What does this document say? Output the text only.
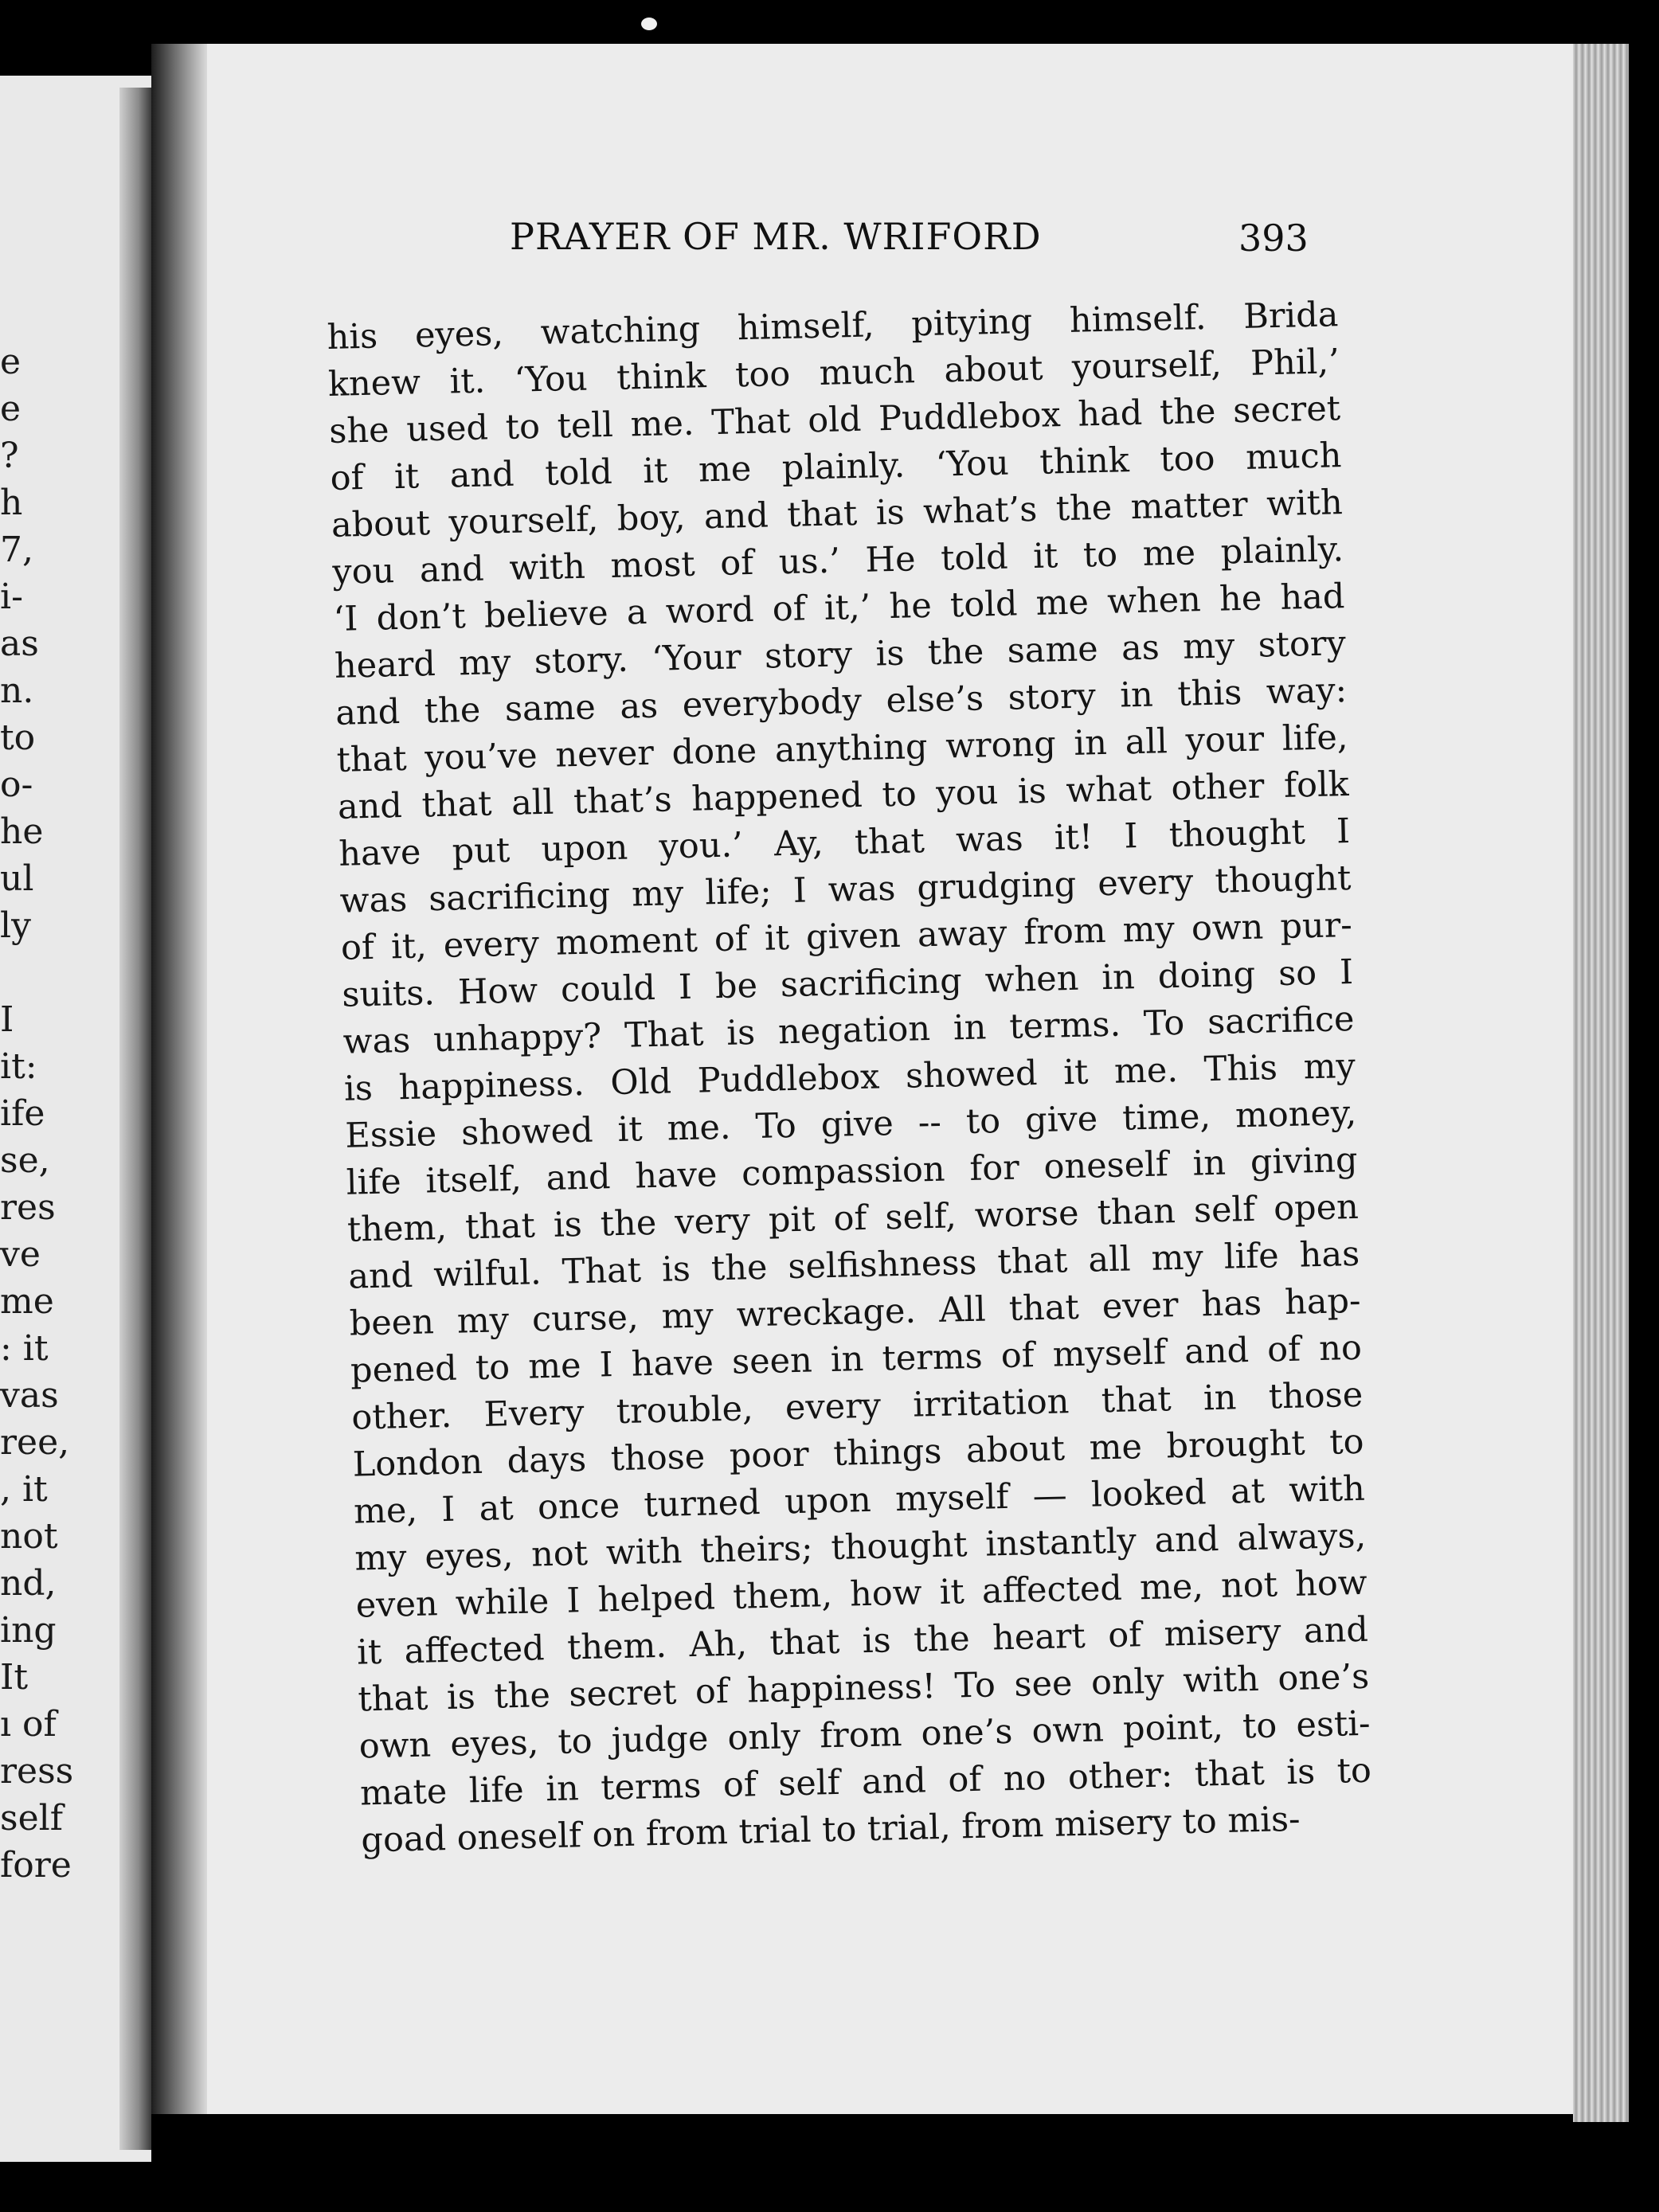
e
e
?
h
7,
i-
as
n.
to
o-
he
ul
ly
I
it:
ife
se,
res
ve
me
: it
vas
ree,
, it
not
nd,
ing
It
ı of
ress
self
fore
PRAYER OF MR. WRIFORD	393
his eyes, watching himself, pitying himself. Brida
knew it. ‘You think too much about yourself, Phil,’
she used to tell me. That old Puddlebox had the secret
of it and told it me plainly. ‘You think too much
about yourself, boy, and that is what’s the matter with
you and with most of us.’ He told it to me plainly.
‘I don’t believe a word of it,’ he told me when he had
heard my story. ‘Your story is the same as my story
and the same as everybody else’s story in this way:
that you’ve never done anything wrong in all your life,
and that all that’s happened to you is what other folk
have put upon you.’ Ay, that was it! I thought I
was sacrificing my life; I was grudging every thought
of it, every moment of it given away from my own pur-
suits. How could I be sacrificing when in doing so I
was unhappy? That is negation in terms. To sacrifice
is happiness. Old Puddlebox showed it me. This my
Essie showed it me. To give -- to give time, money,
life itself, and have compassion for oneself in giving
them, that is the very pit of self, worse than self open
and wilful. That is the selfishness that all my life has
been my curse, my wreckage. All that ever has hap-
pened to me I have seen in terms of myself and of no
other. Every trouble, every irritation that in those
London days those poor things about me brought to
me, I at once turned upon myself — looked at with
my eyes, not with theirs; thought instantly and always,
even while I helped them, how it affected me, not how
it affected them. Ah, that is the heart of misery and
that is the secret of happiness! To see only with one’s
own eyes, to judge only from one’s own point, to esti-
mate life in terms of self and of no other: that is to
goad oneself on from trial to trial, from misery to mis-
